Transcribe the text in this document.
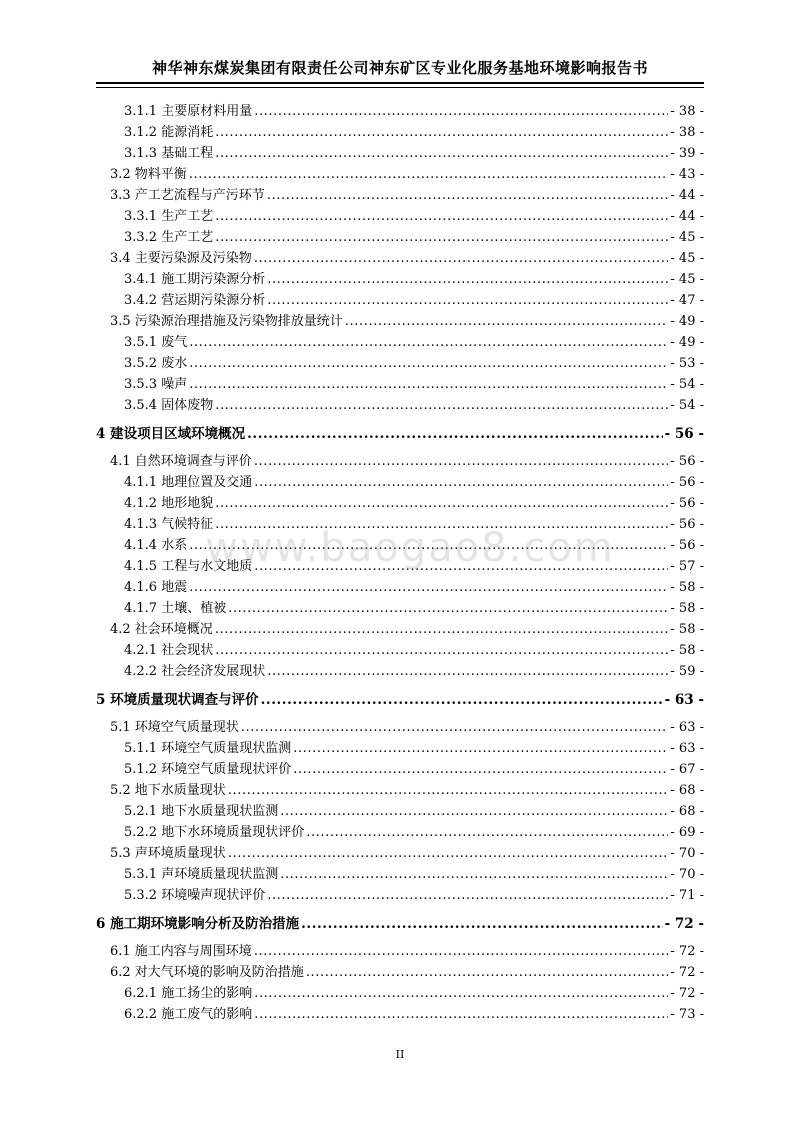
神华神东煤炭集团有限责任公司神东矿区专业化服务基地环境影响报告书
3.1.1 主要原材料用量 .....	- 38 -
3.1.2 能源消耗 .....	- 38 -
3.1.3 基础工程 .....	- 39 -
3.2 物料平衡 .....	- 43 -
3.3 产工艺流程与产污环节 .....	- 44 -
3.3.1 生产工艺 .....	- 44 -
3.3.2 生产工艺 .....	- 45 -
3.4 主要污染源及污染物 .....	- 45 -
3.4.1 施工期污染源分析 .....	- 45 -
3.4.2 营运期污染源分析 .....	- 47 -
3.5 污染源治理措施及污染物排放量统计 .....	- 49 -
3.5.1 废气 .....	- 49 -
3.5.2 废水 .....	- 53 -
3.5.3 噪声 .....	- 54 -
3.5.4 固体废物 .....	- 54 -
4 建设项目区域环境概况 .....	- 56 -
4.1 自然环境调查与评价 .....	- 56 -
4.1.1 地理位置及交通 .....	- 56 -
4.1.2 地形地貌 .....	- 56 -
4.1.3 气候特征 .....	- 56 -
4.1.4 水系 .....	- 56 -
4.1.5 工程与水文地质 .....	- 57 -
4.1.6 地震 .....	- 58 -
4.1.7 土壤、植被 .....	- 58 -
4.2 社会环境概况 .....	- 58 -
4.2.1 社会现状 .....	- 58 -
4.2.2 社会经济发展现状 .....	- 59 -
5 环境质量现状调查与评价 .....	- 63 -
5.1 环境空气质量现状 .....	- 63 -
5.1.1 环境空气质量现状监测 .....	- 63 -
5.1.2 环境空气质量现状评价 .....	- 67 -
5.2 地下水质量现状 .....	- 68 -
5.2.1 地下水质量现状监测 .....	- 68 -
5.2.2 地下水环境质量现状评价 .....	- 69 -
5.3 声环境质量现状 .....	- 70 -
5.3.1 声环境质量现状监测 .....	- 70 -
5.3.2 环境噪声现状评价 .....	- 71 -
6 施工期环境影响分析及防治措施 .....	- 72 -
6.1 施工内容与周围环境 .....	- 72 -
6.2 对大气环境的影响及防治措施 .....	- 72 -
6.2.1 施工扬尘的影响 .....	- 72 -
6.2.2 施工废气的影响 .....	- 73 -
www.baogao8.com
II
